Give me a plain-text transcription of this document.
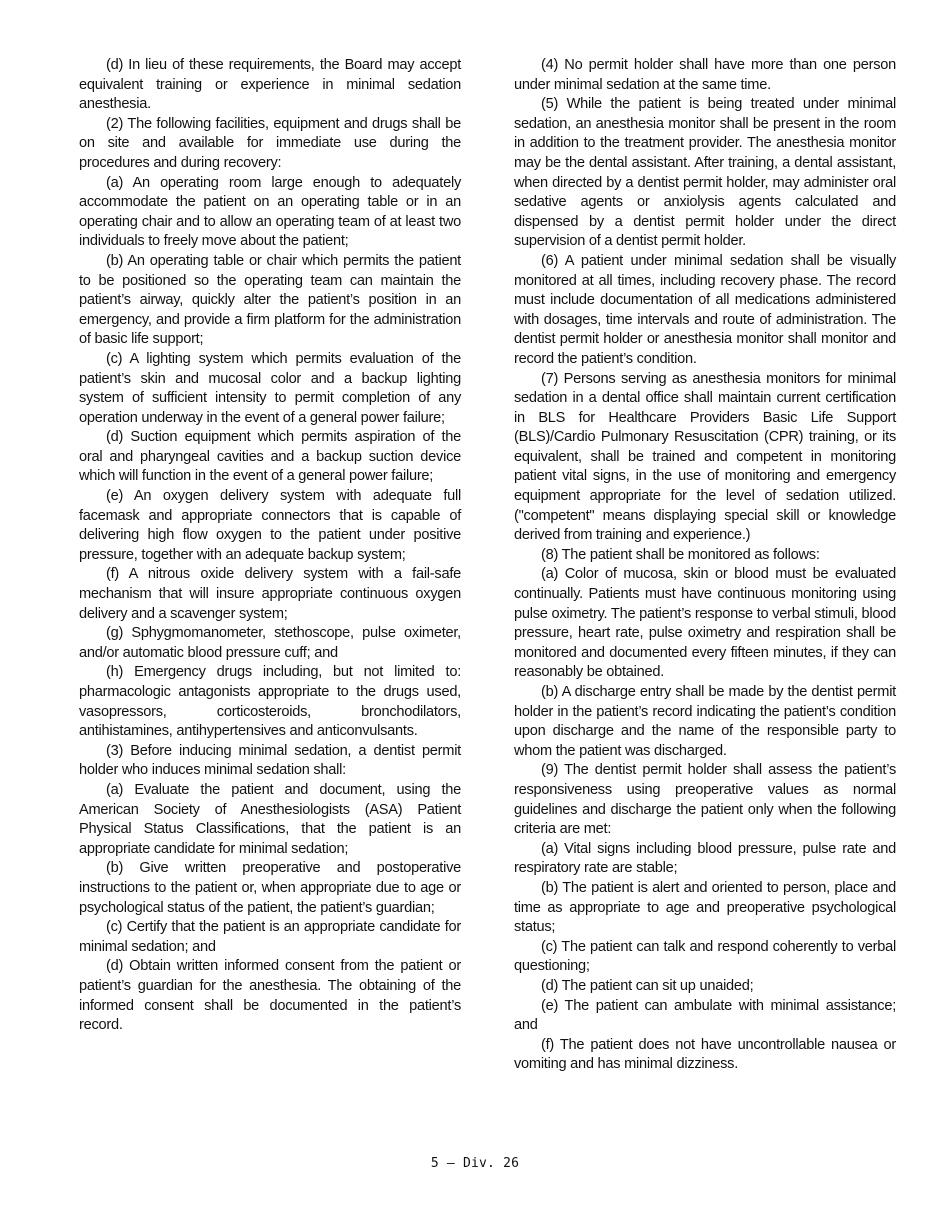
(d) In lieu of these requirements, the Board may accept equivalent training or experience in minimal sedation anesthesia.

(2) The following facilities, equipment and drugs shall be on site and available for immediate use during the procedures and during recovery:

(a) An operating room large enough to adequately accommodate the patient on an operating table or in an operating chair and to allow an operating team of at least two individuals to freely move about the patient;

(b) An operating table or chair which permits the patient to be positioned so the operating team can maintain the patient’s airway, quickly alter the patient’s position in an emergency, and provide a firm platform for the administration of basic life support;

(c) A lighting system which permits evaluation of the patient’s skin and mucosal color and a backup lighting system of sufficient intensity to permit completion of any operation underway in the event of a general power failure;

(d) Suction equipment which permits aspiration of the oral and pharyngeal cavities and a backup suction device which will function in the event of a general power failure;

(e) An oxygen delivery system with adequate full facemask and appropriate connectors that is capable of delivering high flow oxygen to the patient under positive pressure, together with an adequate backup system;

(f) A nitrous oxide delivery system with a fail-safe mechanism that will insure appropriate continuous oxygen delivery and a scavenger system;

(g) Sphygmomanometer, stethoscope, pulse oximeter, and/or automatic blood pressure cuff; and

(h) Emergency drugs including, but not limited to: pharmacologic antagonists appropriate to the drugs used, vasopressors, corticosteroids, bronchodilators, antihistamines, antihypertensives and anticonvulsants.

(3) Before inducing minimal sedation, a dentist permit holder who induces minimal sedation shall:

(a) Evaluate the patient and document, using the American Society of Anesthesiologists (ASA) Patient Physical Status Classifications, that the patient is an appropriate candidate for minimal sedation;

(b) Give written preoperative and postoperative instructions to the patient or, when appropriate due to age or psychological status of the patient, the patient’s guardian;

(c) Certify that the patient is an appropriate candidate for minimal sedation; and

(d) Obtain written informed consent from the patient or patient’s guardian for the anesthesia. The obtaining of the informed consent shall be documented in the patient’s record.

(4) No permit holder shall have more than one person under minimal sedation at the same time.

(5) While the patient is being treated under minimal sedation, an anesthesia monitor shall be present in the room in addition to the treatment provider. The anesthesia monitor may be the dental assistant. After training, a dental assistant, when directed by a dentist permit holder, may administer oral sedative agents or anxiolysis agents calculated and dispensed by a dentist permit holder under the direct supervision of a dentist permit holder.

(6) A patient under minimal sedation shall be visually monitored at all times, including recovery phase. The record must include documentation of all medications administered with dosages, time intervals and route of administration. The dentist permit holder or anesthesia monitor shall monitor and record the patient’s condition.

(7) Persons serving as anesthesia monitors for minimal sedation in a dental office shall maintain current certification in BLS for Healthcare Providers Basic Life Support (BLS)/Cardio Pulmonary Resuscitation (CPR) training, or its equivalent, shall be trained and competent in monitoring patient vital signs, in the use of monitoring and emergency equipment appropriate for the level of sedation utilized. ("competent" means displaying special skill or knowledge derived from training and experience.)

(8) The patient shall be monitored as follows:

(a) Color of mucosa, skin or blood must be evaluated continually. Patients must have continuous monitoring using pulse oximetry. The patient’s response to verbal stimuli, blood pressure, heart rate, pulse oximetry and respiration shall be monitored and documented every fifteen minutes, if they can reasonably be obtained.

(b) A discharge entry shall be made by the dentist permit holder in the patient’s record indicating the patient’s condition upon discharge and the name of the responsible party to whom the patient was discharged.

(9) The dentist permit holder shall assess the patient’s responsiveness using preoperative values as normal guidelines and discharge the patient only when the following criteria are met:

(a) Vital signs including blood pressure, pulse rate and respiratory rate are stable;

(b) The patient is alert and oriented to person, place and time as appropriate to age and preoperative psychological status;

(c) The patient can talk and respond coherently to verbal questioning;

(d) The patient can sit up unaided;

(e) The patient can ambulate with minimal assistance; and

(f) The patient does not have uncontrollable nausea or vomiting and has minimal dizziness.

5 – Div. 26
